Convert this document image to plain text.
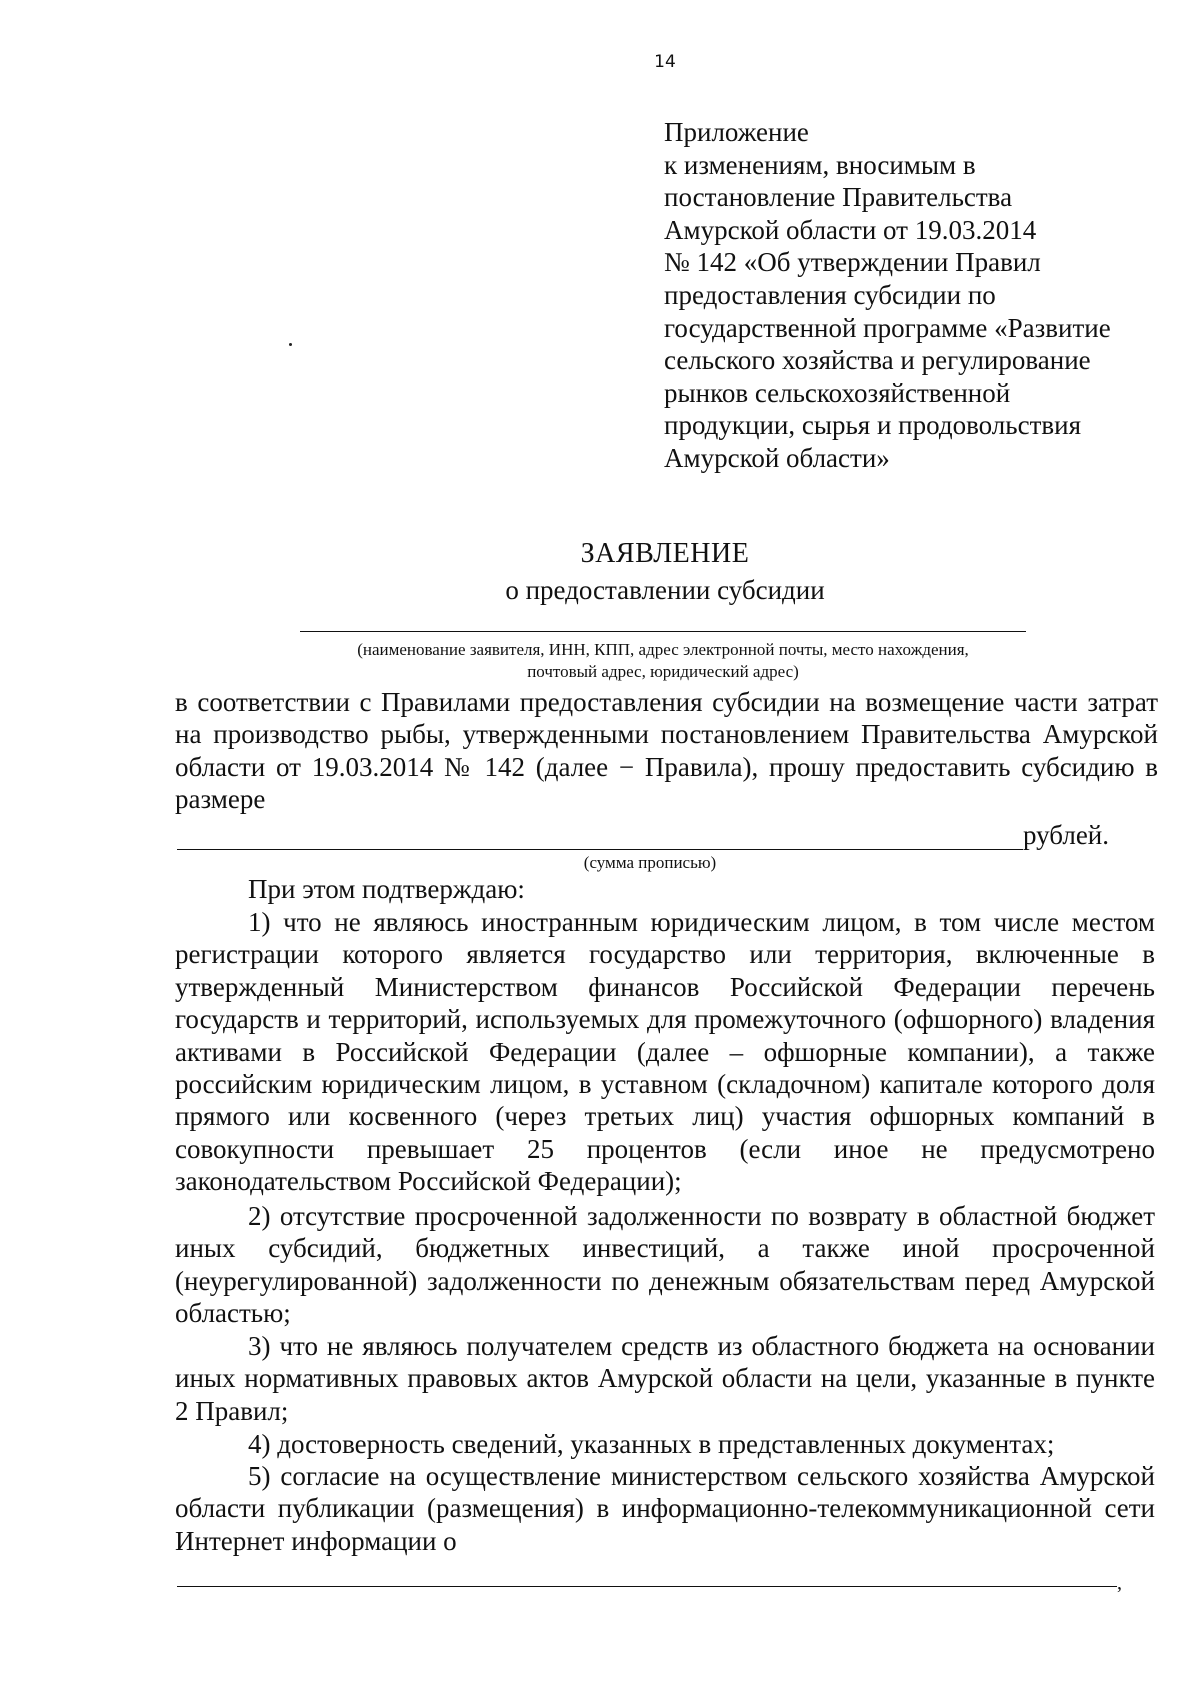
14
Приложение
к изменениям, вносимым в
постановление Правительства
Амурской области от 19.03.2014
№ 142 «Об утверждении Правил
предоставления субсидии по
государственной программе «Развитие
сельского хозяйства и регулирование
рынков сельскохозяйственной
продукции, сырья и продовольствия
Амурской области»
ЗАЯВЛЕНИЕ
о предоставлении субсидии
(наименование заявителя, ИНН, КПП, адрес электронной почты, место нахождения,
почтовый адрес, юридический адрес)
в соответствии с Правилами предоставления субсидии на возмещение части затрат на производство рыбы, утвержденными постановлением Правительства Амурской области от 19.03.2014 № 142 (далее − Правила), прошу предоставить субсидию в размере
рублей.
(сумма прописью)
При этом подтверждаю:
1) что не являюсь иностранным юридическим лицом, в том числе местом регистрации которого является государство или территория, включенные в утвержденный Министерством финансов Российской Федерации перечень государств и территорий, используемых для промежуточного (офшорного) владения активами в Российской Федерации (далее – офшорные компании), а также российским юридическим лицом, в уставном (складочном) капитале которого доля прямого или косвенного (через третьих лиц) участия офшорных компаний в совокупности превышает 25 процентов (если иное не предусмотрено законодательством Российской Федерации);
2) отсутствие просроченной задолженности по возврату в областной бюджет иных субсидий, бюджетных инвестиций, а также иной просроченной (неурегулированной) задолженности по денежным обязательствам перед Амурской областью;
3) что не являюсь получателем средств из областного бюджета на основании иных нормативных правовых актов Амурской области на цели, указанные в пункте 2 Правил;
4) достоверность сведений, указанных в представленных документах;
5) согласие на осуществление министерством сельского хозяйства Амурской области публикации (размещения) в информационно-телекоммуникационной сети Интернет информации о
,
